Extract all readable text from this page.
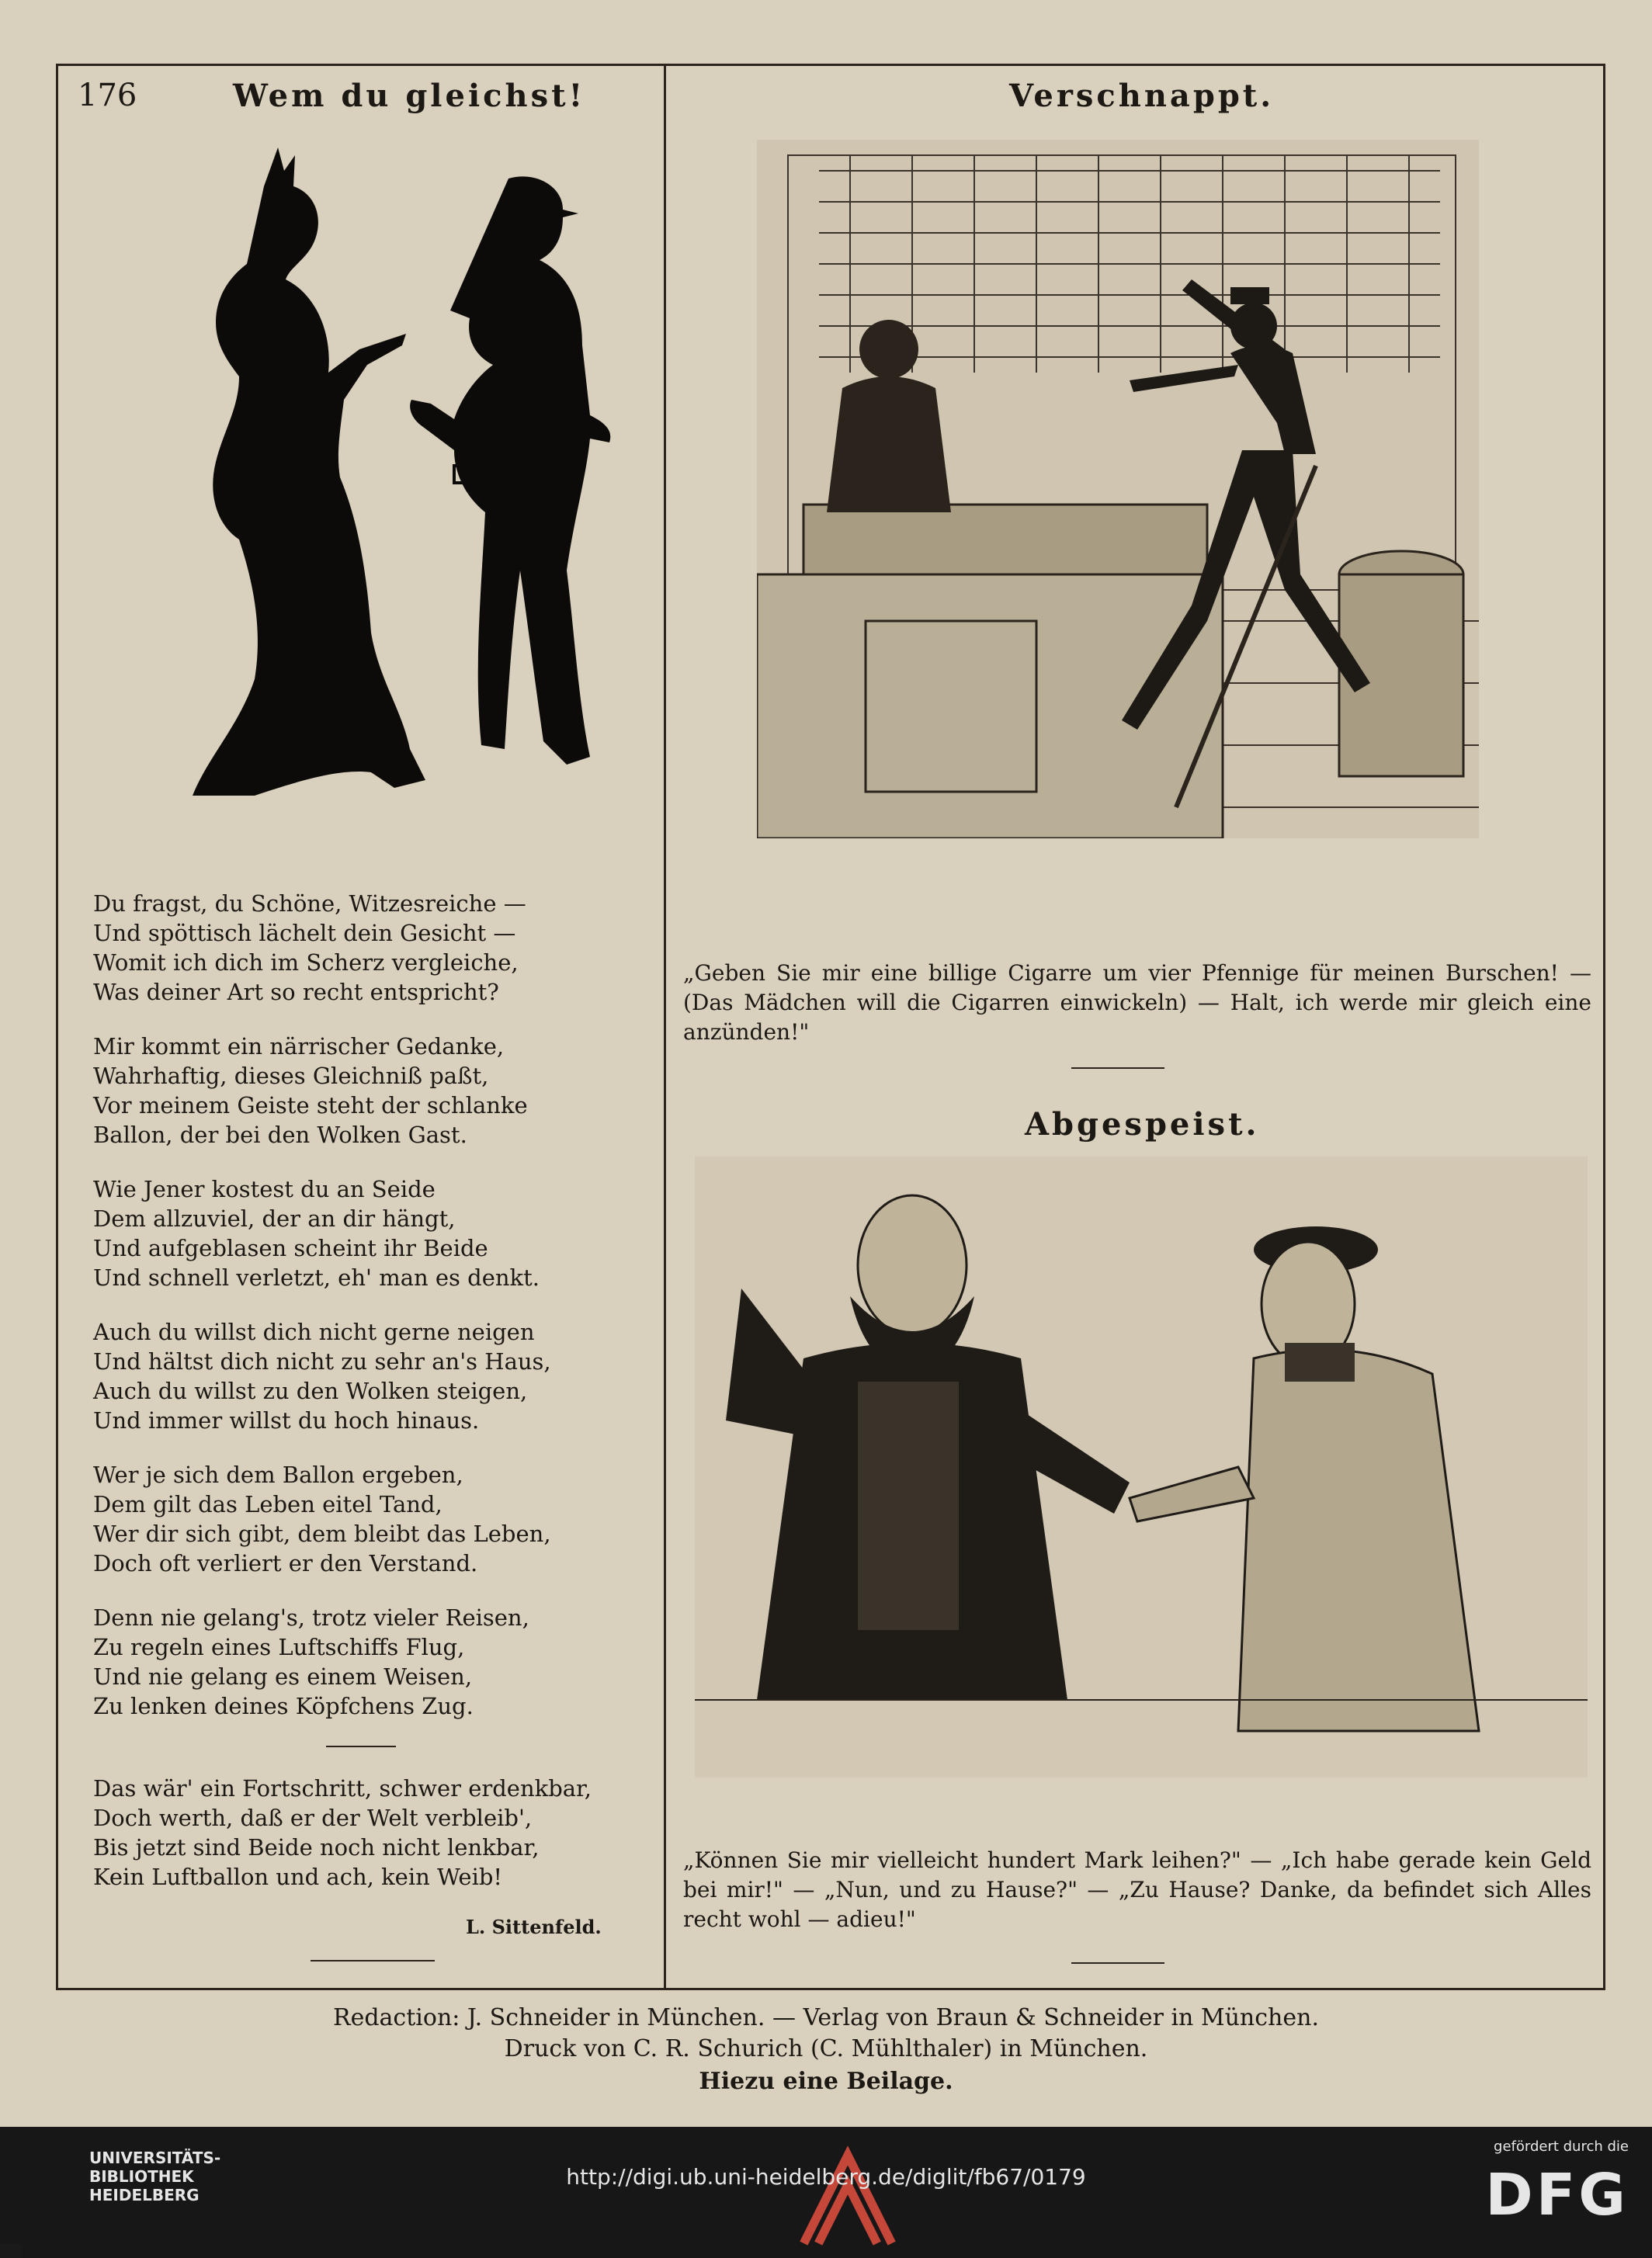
176	Wem du gleichst!	Verschnappt.
Du fragst, du Schöne, Witzesreiche —
Und spöttisch lächelt dein Gesicht —
Womit ich dich im Scherz vergleiche,
Was deiner Art so recht entspricht?
Mir kommt ein närrischer Gedanke,
Wahrhaftig, dieses Gleichniß paßt,
Vor meinem Geiste steht der schlanke
Ballon, der bei den Wolken Gast.
Wie Jener kostest du an Seide
Dem allzuviel, der an dir hängt,
Und aufgeblasen scheint ihr Beide
Und schnell verletzt, eh' man es denkt.
Auch du willst dich nicht gerne neigen
Und hältst dich nicht zu sehr an's Haus,
Auch du willst zu den Wolken steigen,
Und immer willst du hoch hinaus.
Wer je sich dem Ballon ergeben,
Dem gilt das Leben eitel Tand,
Wer dir sich gibt, dem bleibt das Leben,
Doch oft verliert er den Verstand.
Denn nie gelang's, trotz vieler Reisen,
Zu regeln eines Luftschiffs Flug,
Und nie gelang es einem Weisen,
Zu lenken deines Köpfchens Zug.
Das wär' ein Fortschritt, schwer erdenkbar,
Doch werth, daß er der Welt verbleib',
Bis jetzt sind Beide noch nicht lenkbar,
Kein Luftballon und ach, kein Weib!
L. Sittenfeld.
„Geben Sie mir eine billige Cigarre um vier Pfennige für meinen Burschen! — (Das Mädchen will die Cigarren einwickeln) — Halt, ich werde mir gleich eine anzünden!"
Abgespeist.
„Können Sie mir vielleicht hundert Mark leihen?" — „Ich habe gerade kein Geld bei mir!" — „Nun, und zu Hause?" — „Zu Hause? Danke, da befindet sich Alles recht wohl — adieu!"
Redaction: J. Schneider in München. — Verlag von Braun & Schneider in München.
Druck von C. R. Schurich (C. Mühlthaler) in München.
Hiezu eine Beilage.
UNIVERSITÄTS-
BIBLIOTHEK
HEIDELBERG
http://digi.ub.uni-heidelberg.de/diglit/fb67/0179
gefördert durch die
DFG
